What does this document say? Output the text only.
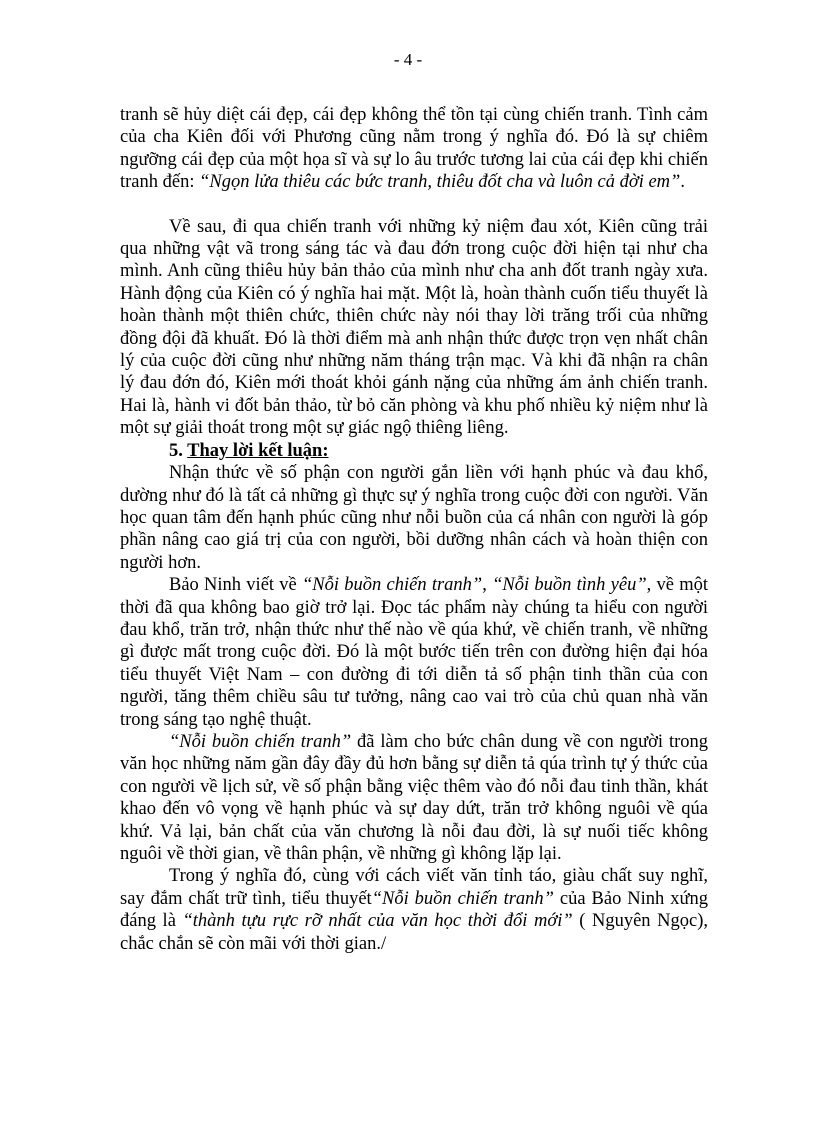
- 4 -

tranh sẽ hủy diệt cái đẹp, cái đẹp không thể tồn tại cùng chiến tranh. Tình cảm của cha Kiên đối với Phương cũng nằm trong ý nghĩa đó. Đó là sự chiêm ngưỡng cái đẹp của một họa sĩ và sự lo âu trước tương lai của cái đẹp khi chiến tranh đến: “Ngọn lửa thiêu các bức tranh, thiêu đốt cha và luôn cả đời em”.

Về sau, đi qua chiến tranh với những kỷ niệm đau xót, Kiên cũng trải qua những vật vã trong sáng tác và đau đớn trong cuộc đời hiện tại như cha mình. Anh cũng thiêu hủy bản thảo của mình như cha anh đốt tranh ngày xưa. Hành động của Kiên có ý nghĩa hai mặt. Một là, hoàn thành cuốn tiểu thuyết là hoàn thành một thiên chức, thiên chức này nói thay lời trăng trối của những đồng đội đã khuất. Đó là thời điểm mà anh nhận thức được trọn vẹn nhất chân lý của cuộc đời cũng như những năm tháng trận mạc. Và khi đã nhận ra chân lý đau đớn đó, Kiên mới thoát khỏi gánh nặng của những ám ảnh chiến tranh. Hai là, hành vi đốt bản thảo, từ bỏ căn phòng và khu phố nhiều kỷ niệm như là một sự giải thoát trong một sự giác ngộ thiêng liêng.

5. Thay lời kết luận:

Nhận thức về số phận con người gắn liền với hạnh phúc và đau khổ, dường như đó là tất cả những gì thực sự ý nghĩa trong cuộc đời con người. Văn học quan tâm đến hạnh phúc cũng như nỗi buồn của cá nhân con người là góp phần nâng cao giá trị của con người, bồi dưỡng nhân cách và hoàn thiện con người hơn.

Bảo Ninh viết về “Nỗi buồn chiến tranh”, “Nỗi buồn tình yêu”, về một thời đã qua không bao giờ trở lại. Đọc tác phẩm này chúng ta hiểu con người đau khổ, trăn trở, nhận thức như thế nào về qúa khứ, về chiến tranh, về những gì được mất trong cuộc đời. Đó là một bước tiến trên con đường hiện đại hóa tiểu thuyết Việt Nam – con đường đi tới diễn tả số phận tinh thần của con người, tăng thêm chiều sâu tư tưởng, nâng cao vai trò của chủ quan nhà văn trong sáng tạo nghệ thuật.

“Nỗi buồn chiến tranh” đã làm cho bức chân dung về con người trong văn học những năm gần đây đầy đủ hơn bằng sự diễn tả qúa trình tự ý thức của con người về lịch sử, về số phận bằng việc thêm vào đó nỗi đau tinh thần, khát khao đến vô vọng về hạnh phúc và sự day dứt, trăn trở không nguôi về qúa khứ. Vả lại, bản chất của văn chương là nỗi đau đời, là sự nuối tiếc không nguôi về thời gian, về thân phận, về những gì không lặp lại.

Trong ý nghĩa đó, cùng với cách viết văn tỉnh táo, giàu chất suy nghĩ, say đắm chất trữ tình, tiểu thuyết“Nỗi buồn chiến tranh” của Bảo Ninh xứng đáng là “thành tựu rực rỡ nhất của văn học thời đổi mới” ( Nguyên Ngọc), chắc chắn sẽ còn mãi với thời gian./
